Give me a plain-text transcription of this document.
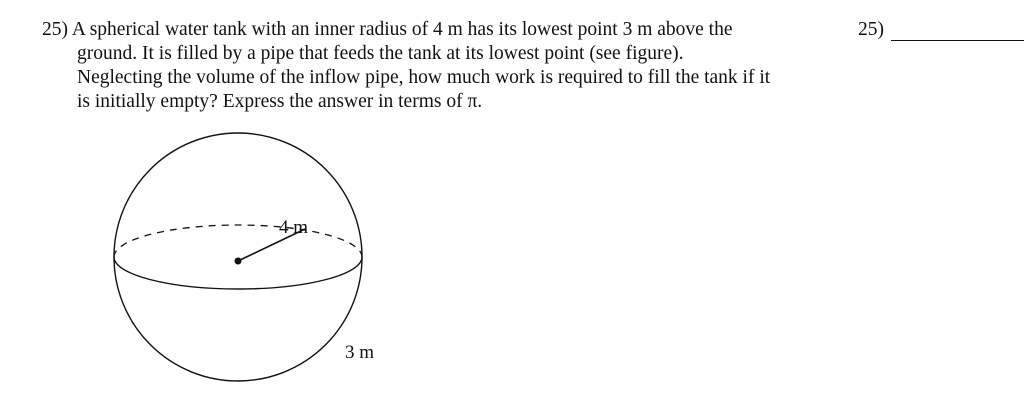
25) A spherical water tank with an inner radius of 4 m has its lowest point 3 m above the
ground. It is filled by a pipe that feeds the tank at its lowest point (see figure).
Neglecting the volume of the inflow pipe, how much work is required to fill the tank if it
is initially empty? Express the answer in terms of π.
25)
4 m
3 m
